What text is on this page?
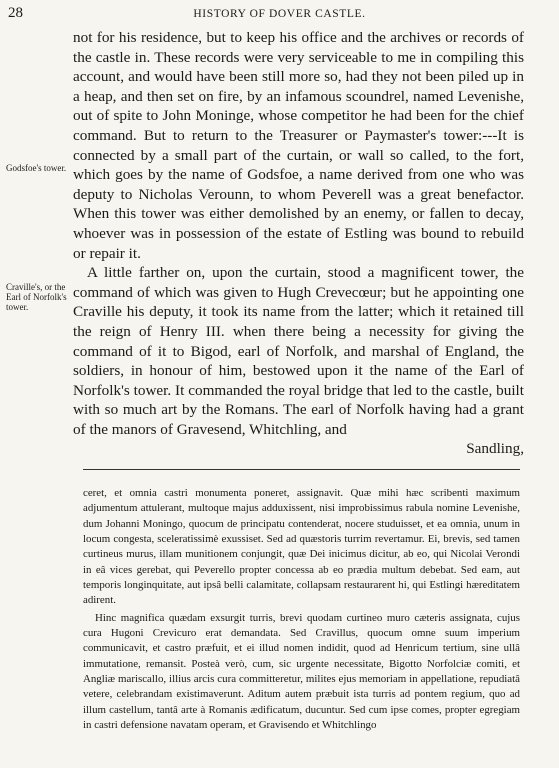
28	HISTORY OF DOVER CASTLE.
Godsfoe's tower.
Craville's, or the Earl of Norfolk's tower.

not for his residence, but to keep his office and the archives or records of the castle in. These records were very serviceable to me in compiling this account, and would have been still more so, had they not been piled up in a heap, and then set on fire, by an infamous scoundrel, named Levenishe, out of spite to John Moninge, whose competitor he had been for the chief command. But to return to the Treasurer or Paymaster's tower:---It is connected by a small part of the curtain, or wall so called, to the fort, which goes by the name of Godsfoe, a name derived from one who was deputy to Nicholas Verounn, to whom Peverell was a great benefactor. When this tower was either demolished by an enemy, or fallen to decay, whoever was in possession of the estate of Estling was bound to rebuild or repair it.

A little farther on, upon the curtain, stood a magnificent tower, the command of which was given to Hugh Crevecœur; but he appointing one Craville his deputy, it took its name from the latter; which it retained till the reign of Henry III. when there being a necessity for giving the command of it to Bigod, earl of Norfolk, and marshal of England, the soldiers, in honour of him, bestowed upon it the name of the Earl of Norfolk's tower. It commanded the royal bridge that led to the castle, built with so much art by the Romans. The earl of Norfolk having had a grant of the manors of Gravesend, Whitchling, and

Sandling,

ceret, et omnia castri monumenta poneret, assignavit. Quæ mihi hæc scribenti maximum adjumentum attulerant, multoque majus adduxissent, nisi improbissimus rabula nomine Levenishe, dum Johanni Moningo, quocum de principatu contenderat, nocere studuisset, et ea omnia, unum in locum congesta, sceleratissimè exussiset. Sed ad quæstoris turrim revertamur. Ei, brevis, sed tamen curtineus murus, illam munitionem conjungit, quæ Dei inicimus dicitur, ab eo, qui Nicolai Verondi in eâ vices gerebat, qui Peverello propter concessa ab eo prædia multum debebat. Sed eam, aut temporis longinquitate, aut ipsâ belli calamitate, collapsam restaurarent hi, qui Estlingi hæreditatem adirent.

Hinc magnifica quædam exsurgit turris, brevi quodam curtineo muro cæteris assignata, cujus cura Hugoni Crevicuro erat demandata. Sed Cravillus, quocum omne suum imperium communicavit, et castro præfuit, et ei illud nomen indidit, quod ad Henricum tertium, sine ullâ immutatione, remansit. Posteà verò, cum, sic urgente necessitate, Bigotto Norfolciæ comiti, et Angliæ mariscallo, illius arcis cura committeretur, milites ejus memoriam in appellatione, repudiatâ vetere, celebrandam existimaverunt. Aditum autem præbuit ista turris ad pontem regium, quo ad illum castellum, tantâ arte à Romanis ædificatum, ducuntur. Sed cum ipse comes, propter egregiam in castri defensione navatam operam, et Gravisendo et Whitchlingo
